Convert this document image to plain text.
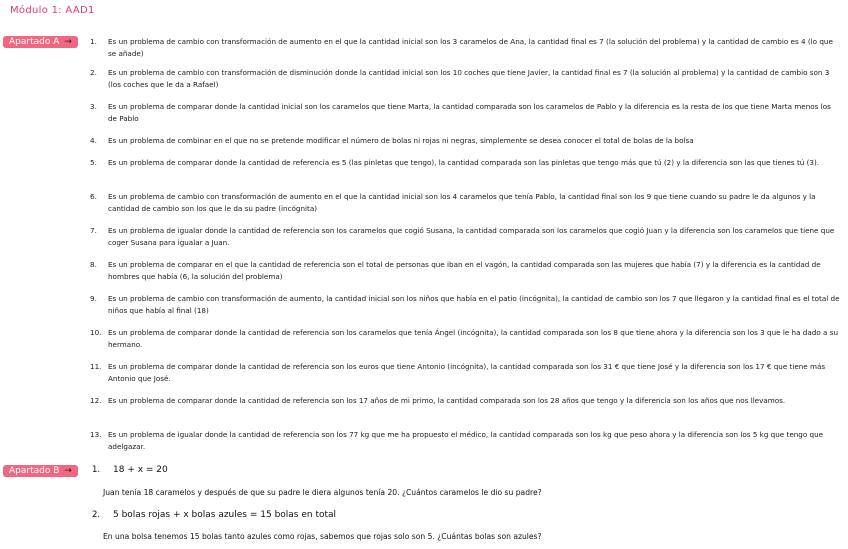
Módulo 1: AAD1
Apartado A →	1.	Es un problema de cambio con transformación de aumento en el que la cantidad inicial son los 3 caramelos de Ana, la cantidad final es 7 (la solución del problema) y la cantidad de cambio es 4 (lo que se añade)
2.	Es un problema de cambio con transformación de disminución donde la cantidad inicial son los 10 coches que tiene Javier, la cantidad final es 7 (la solución al problema) y la cantidad de cambio son 3 (los coches que le da a Rafael)
3.	Es un problema de comparar donde la cantidad inicial son los caramelos que tiene Marta, la cantidad comparada son los caramelos de Pablo y la diferencia es la resta de los que tiene Marta menos los de Pablo
4.	Es un problema de combinar en el que no se pretende modificar el número de bolas ni rojas ni negras, simplemente se desea conocer el total de bolas de la bolsa
5.	Es un problema de comparar donde la cantidad de referencia es 5 (las pinletas que tengo), la cantidad comparada son las pinletas que tengo más que tú (2) y la diferencia son las que tienes tú (3).
6.	Es un problema de cambio con transformación de aumento en el que la cantidad inicial son los 4 caramelos que tenía Pablo, la cantidad final son los 9 que tiene cuando su padre le da algunos y la cantidad de cambio son los que le da su padre (incógnita)
7.	Es un problema de igualar donde la cantidad de referencia son los caramelos que cogió Susana, la cantidad comparada son los caramelos que cogió Juan y la diferencia son los caramelos que tiene que coger Susana para igualar a Juan.
8.	Es un problema de comparar en el que la cantidad de referencia son el total de personas que iban en el vagón, la cantidad comparada son las mujeres que había (7) y la diferencia es la cantidad de hombres que había (6, la solución del problema)
9.	Es un problema de cambio con transformación de aumento, la cantidad inicial son los niños que había en el patio (incógnita), la cantidad de cambio son los 7 que llegaron y la cantidad final es el total de niños que había al final (18)
10. Es un problema de comparar donde la cantidad de referencia son los caramelos que tenía Ángel (incógnita), la cantidad comparada son los 8 que tiene ahora y la diferencia son los 3 que le ha dado a su hermano.
11. Es un problema de comparar donde la cantidad de referencia son los euros que tiene Antonio (incógnita), la cantidad comparada son los 31 € que tiene José y la diferencia son los 17 € que tiene más Antonio que José.
12. Es un problema de comparar donde la cantidad de referencia son los 17 años de mi primo, la cantidad comparada son los 28 años que tengo y la diferencia son los años que nos llevamos.
13. Es un problema de igualar donde la cantidad de referencia son los 77 kg que me ha propuesto el médico, la cantidad comparada son los kg que peso ahora y la diferencia son los 5 kg que tengo que adelgazar.
Apartado B →	1. 18 + x = 20
Juan tenía 18 caramelos y después de que su padre le diera algunos tenía 20. ¿Cuántos caramelos le dio su padre?
2. 5 bolas rojas + x bolas azules = 15 bolas en total
En una bolsa tenemos 15 bolas tanto azules como rojas, sabemos que rojas solo son 5. ¿Cuántas bolas son azules?
